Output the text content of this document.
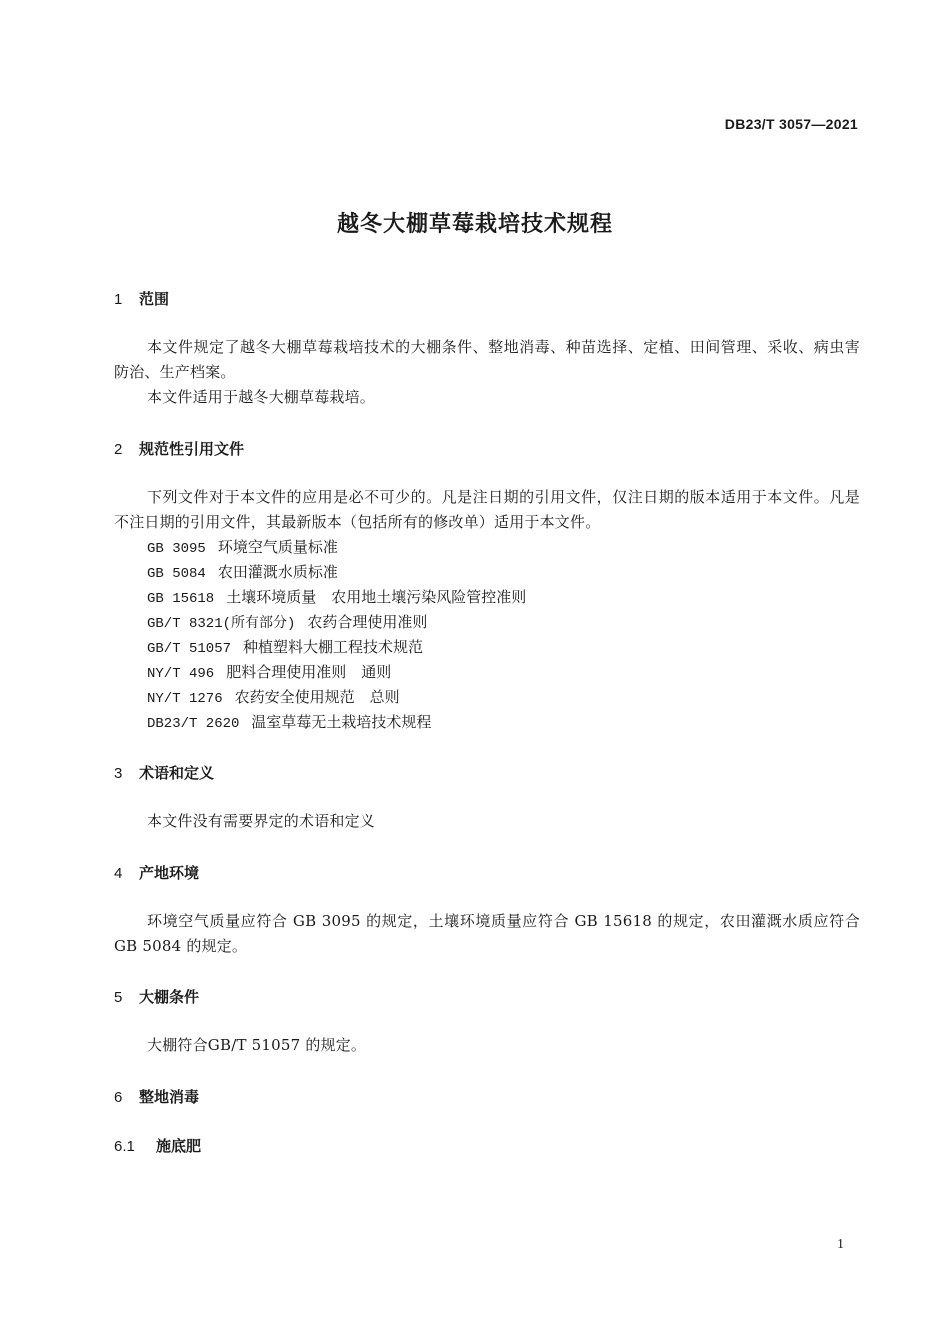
DB23/T 3057—2021
越冬大棚草莓栽培技术规程
1 范围
本文件规定了越冬大棚草莓栽培技术的大棚条件、整地消毒、种苗选择、定植、田间管理、采收、病虫害防治、生产档案。
本文件适用于越冬大棚草莓栽培。
2 规范性引用文件
下列文件对于本文件的应用是必不可少的。凡是注日期的引用文件，仅注日期的版本适用于本文件。凡是不注日期的引用文件，其最新版本（包括所有的修改单）适用于本文件。
GB 3095 环境空气质量标准
GB 5084 农田灌溉水质标准
GB 15618 土壤环境质量　农用地土壤污染风险管控准则
GB/T 8321(所有部分) 农药合理使用准则
GB/T 51057 种植塑料大棚工程技术规范
NY/T 496 肥料合理使用准则　通则
NY/T 1276 农药安全使用规范　总则
DB23/T 2620 温室草莓无土栽培技术规程
3 术语和定义
本文件没有需要界定的术语和定义
4 产地环境
环境空气质量应符合 GB 3095 的规定，土壤环境质量应符合 GB 15618 的规定，农田灌溉水质应符合 GB 5084 的规定。
5 大棚条件
大棚符合GB/T 51057 的规定。
6 整地消毒
6.1 施底肥
1
